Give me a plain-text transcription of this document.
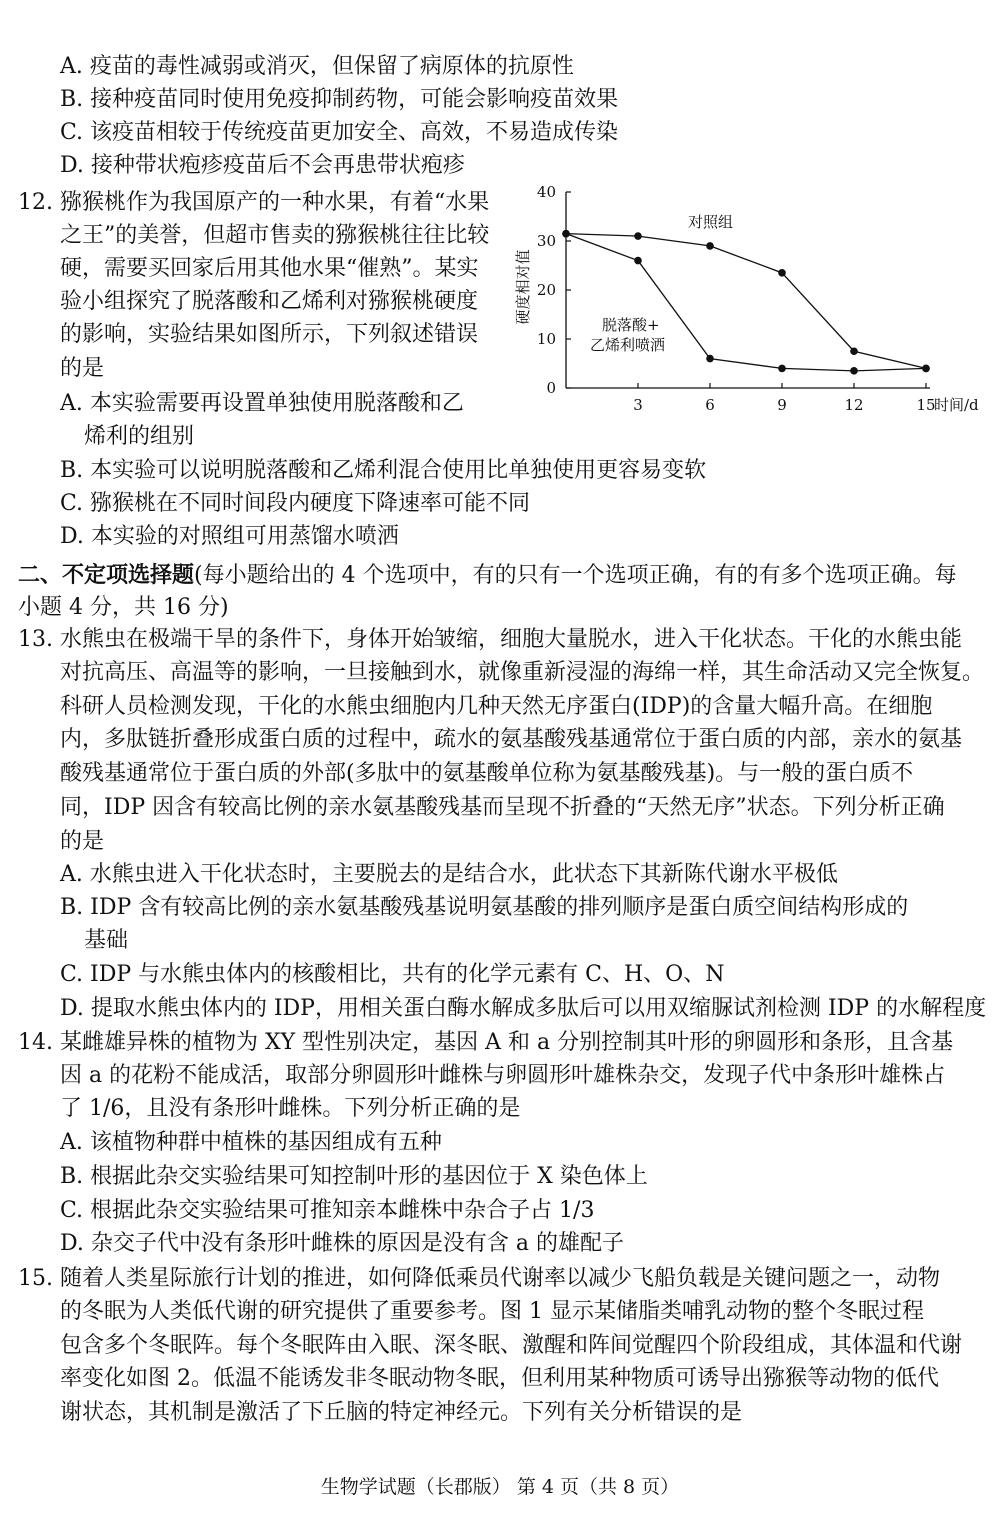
A. 疫苗的毒性减弱或消灭，但保留了病原体的抗原性
B. 接种疫苗同时使用免疫抑制药物，可能会影响疫苗效果
C. 该疫苗相较于传统疫苗更加安全、高效，不易造成传染
D. 接种带状疱疹疫苗后不会再患带状疱疹
12. 猕猴桃作为我国原产的一种水果，有着“水果
之王”的美誉，但超市售卖的猕猴桃往往比较
硬，需要买回家后用其他水果“催熟”。某实
验小组探究了脱落酸和乙烯利对猕猴桃硬度
的影响，实验结果如图所示，下列叙述错误
的是
A. 本实验需要再设置单独使用脱落酸和乙
烯利的组别
B. 本实验可以说明脱落酸和乙烯利混合使用比单独使用更容易变软
C. 猕猴桃在不同时间段内硬度下降速率可能不同
D. 本实验的对照组可用蒸馏水喷洒
0
10
20
30
40
3	6	9	12	15
硬度相对值
时间/d
对照组
脱落酸+
乙烯利喷洒
二、不定项选择题(每小题给出的 4 个选项中，有的只有一个选项正确，有的有多个选项正确。每
小题 4 分，共 16 分)
13. 水熊虫在极端干旱的条件下，身体开始皱缩，细胞大量脱水，进入干化状态。干化的水熊虫能
对抗高压、高温等的影响，一旦接触到水，就像重新浸湿的海绵一样，其生命活动又完全恢复。
科研人员检测发现，干化的水熊虫细胞内几种天然无序蛋白(IDP)的含量大幅升高。在细胞
内，多肽链折叠形成蛋白质的过程中，疏水的氨基酸残基通常位于蛋白质的内部，亲水的氨基
酸残基通常位于蛋白质的外部(多肽中的氨基酸单位称为氨基酸残基)。与一般的蛋白质不
同，IDP 因含有较高比例的亲水氨基酸残基而呈现不折叠的“天然无序”状态。下列分析正确
的是
A. 水熊虫进入干化状态时，主要脱去的是结合水，此状态下其新陈代谢水平极低
B. IDP 含有较高比例的亲水氨基酸残基说明氨基酸的排列顺序是蛋白质空间结构形成的
基础
C. IDP 与水熊虫体内的核酸相比，共有的化学元素有 C、H、O、N
D. 提取水熊虫体内的 IDP，用相关蛋白酶水解成多肽后可以用双缩脲试剂检测 IDP 的水解程度
14. 某雌雄异株的植物为 XY 型性别决定，基因 A 和 a 分别控制其叶形的卵圆形和条形，且含基
因 a 的花粉不能成活，取部分卵圆形叶雌株与卵圆形叶雄株杂交，发现子代中条形叶雄株占
了 1/6，且没有条形叶雌株。下列分析正确的是
A. 该植物种群中植株的基因组成有五种
B. 根据此杂交实验结果可知控制叶形的基因位于 X 染色体上
C. 根据此杂交实验结果可推知亲本雌株中杂合子占 1/3
D. 杂交子代中没有条形叶雌株的原因是没有含 a 的雄配子
15. 随着人类星际旅行计划的推进，如何降低乘员代谢率以减少飞船负载是关键问题之一，动物
的冬眠为人类低代谢的研究提供了重要参考。图 1 显示某储脂类哺乳动物的整个冬眠过程
包含多个冬眠阵。每个冬眠阵由入眠、深冬眠、激醒和阵间觉醒四个阶段组成，其体温和代谢
率变化如图 2。低温不能诱发非冬眠动物冬眠，但利用某种物质可诱导出猕猴等动物的低代
谢状态，其机制是激活了下丘脑的特定神经元。下列有关分析错误的是
生物学试题（长郡版） 第 4 页（共 8 页）
